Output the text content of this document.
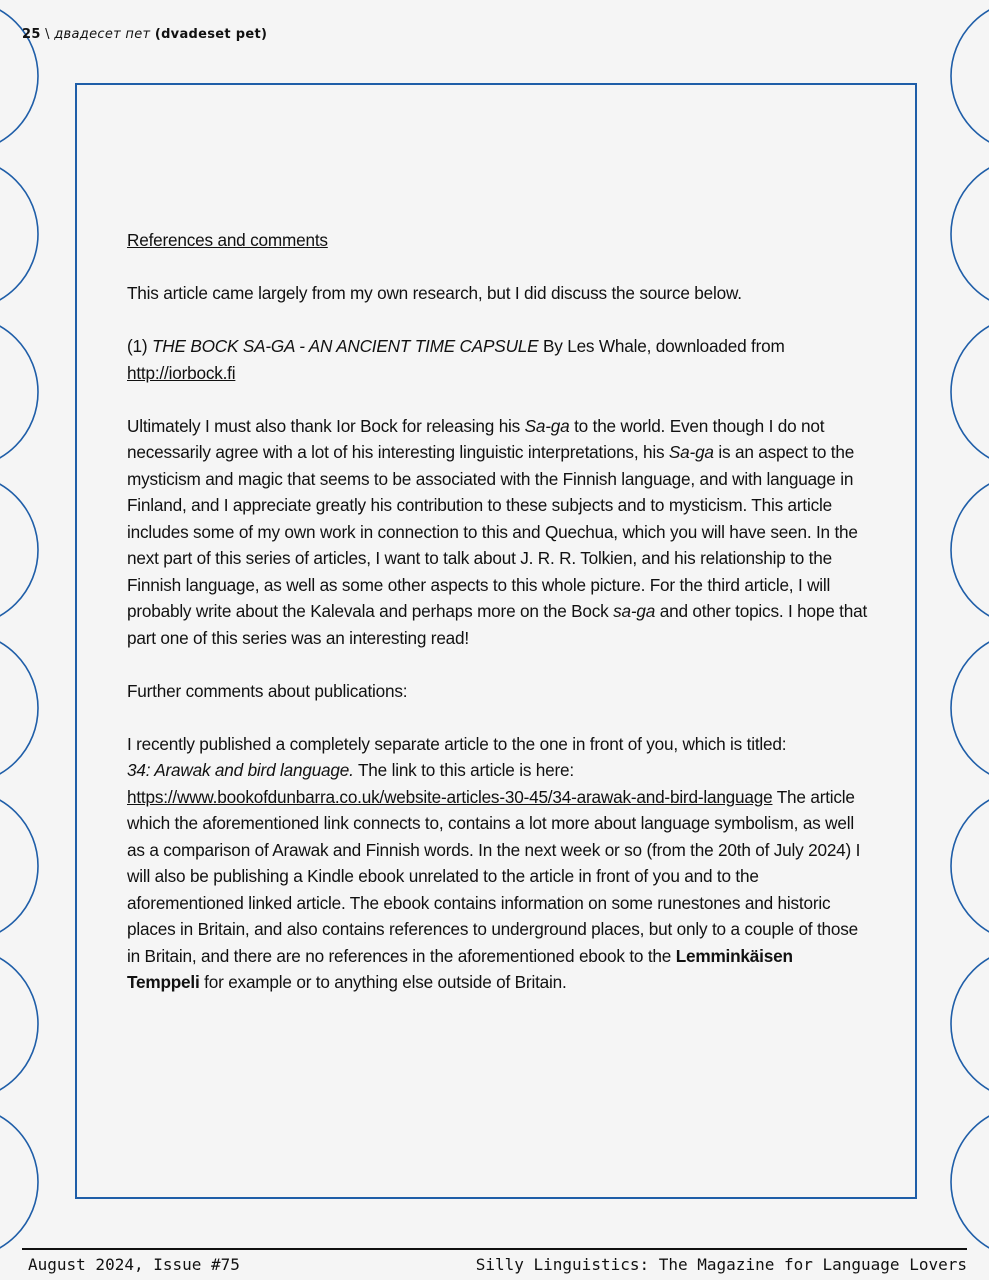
25 \ двадесет пет (dvadeset pet)

References and comments

This article came largely from my own research, but I did discuss the source below.

(1) THE BOCK SA-GA - AN ANCIENT TIME CAPSULE By Les Whale, downloaded from
http://iorbock.fi

Ultimately I must also thank Ior Bock for releasing his Sa-ga to the world. Even though I do not necessarily agree with a lot of his interesting linguistic interpretations, his Sa-ga is an aspect to the mysticism and magic that seems to be associated with the Finnish language, and with language in Finland, and I appreciate greatly his contribution to these subjects and to mysticism. This article includes some of my own work in connection to this and Quechua, which you will have seen. In the next part of this series of articles, I want to talk about J. R. R. Tolkien, and his relationship to the Finnish language, as well as some other aspects to this whole picture. For the third article, I will probably write about the Kalevala and perhaps more on the Bock sa-ga and other topics. I hope that part one of this series was an interesting read!

Further comments about publications:

I recently published a completely separate article to the one in front of you, which is titled:
34: Arawak and bird language. The link to this article is here:
https://www.bookofdunbarra.co.uk/website-articles-30-45/34-arawak-and-bird-language The article which the aforementioned link connects to, contains a lot more about language symbolism, as well as a comparison of Arawak and Finnish words. In the next week or so (from the 20th of July 2024) I will also be publishing a Kindle ebook unrelated to the article in front of you and to the aforementioned linked article. The ebook contains information on some runestones and historic places in Britain, and also contains references to underground places, but only to a couple of those in Britain, and there are no references in the aforementioned ebook to the Lemminkäisen Temppeli for example or to anything else outside of Britain.

August 2024, Issue #75	Silly Linguistics: The Magazine for Language Lovers
